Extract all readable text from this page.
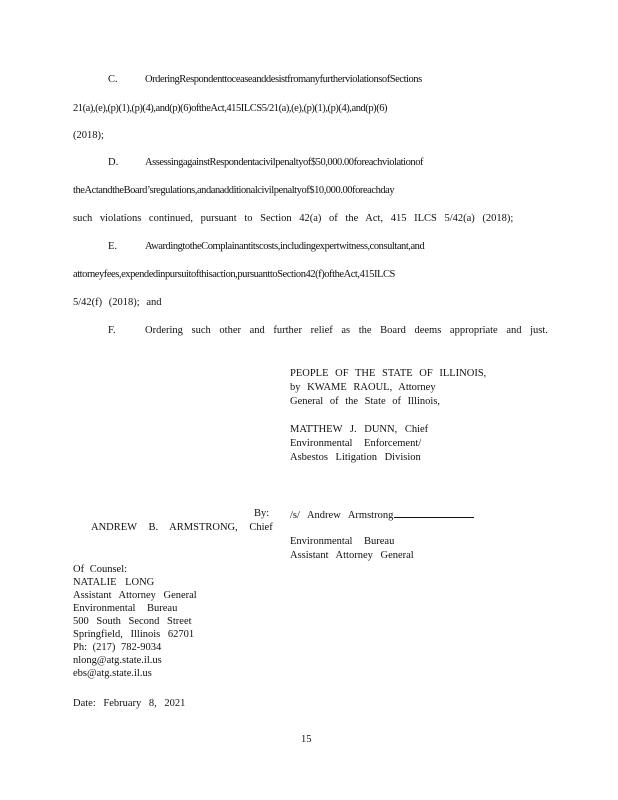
C.	OrderingRespondenttoceaseanddesistfromanyfurtherviolationsofSections
21(a),(e),(p)(1),(p)(4),and(p)(6)oftheAct,415ILCS5/21(a),(e),(p)(1),(p)(4),and(p)(6)
(2018);
D.	AssessingagainstRespondentacivilpenaltyof$50,000.00foreachviolationof
theActandtheBoard’sregulations,andanadditionalcivilpenaltyof$10,000.00foreachday
such violations continued, pursuant to Section 42(a) of the Act, 415 ILCS 5/42(a) (2018);
E.	AwardingtotheComplainantitscosts,includingexpertwitness,consultant,and
attorneyfees,expendedinpursuitofthisaction,pursuanttoSection42(f)oftheAct,415ILCS
5/42(f) (2018); and
F.	Ordering such other and further relief as the Board deems appropriate and just.
PEOPLE OF THE STATE OF ILLINOIS,
by KWAME RAOUL, Attorney
General of the State of Illinois,
MATTHEW J. DUNN, Chief
Environmental Enforcement/
Asbestos Litigation Division
By: /s/ Andrew Armstrong
ANDREW B. ARMSTRONG, Chief
Environmental Bureau
Assistant Attorney General
Of Counsel:
NATALIE LONG
Assistant Attorney General
Environmental Bureau
500 South Second Street
Springfield, Illinois 62701
Ph: (217) 782-9034
nlong@atg.state.il.us
ebs@atg.state.il.us
Date: February 8, 2021
15
